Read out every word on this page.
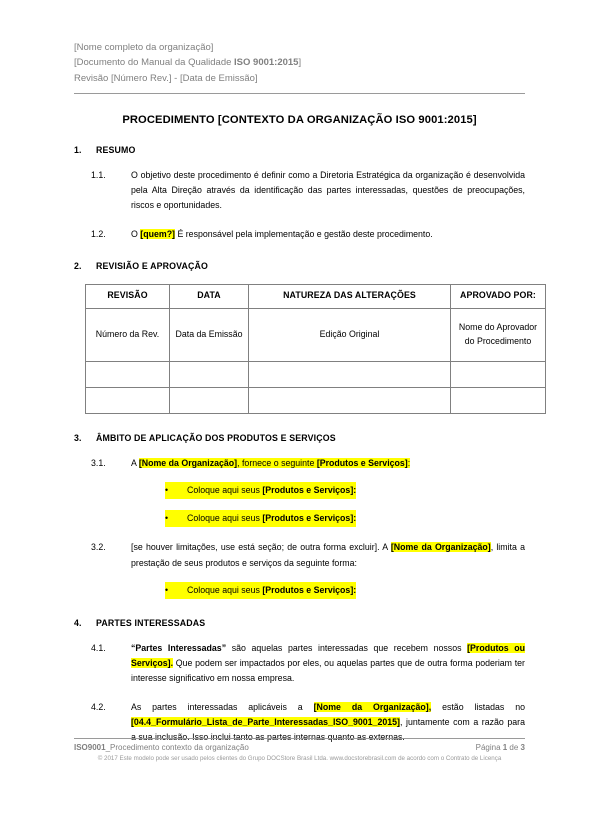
[Nome completo da organização]
[Documento do Manual da Qualidade ISO 9001:2015]
Revisão [Número Rev.] - [Data de Emissão]
PROCEDIMENTO [CONTEXTO DA ORGANIZAÇÃO ISO 9001:2015]
1.	RESUMO
1.1.	O objetivo deste procedimento é definir como a Diretoria Estratégica da organização é desenvolvida pela Alta Direção através da identificação das partes interessadas, questões de preocupações, riscos e oportunidades.
1.2.	O [quem?] É responsável pela implementação e gestão deste procedimento.
2.	REVISIÃO E APROVAÇÃO
REVISÃO	DATA	NATUREZA DAS ALTERAÇÕES	APROVADO POR:
Número da Rev.	Data da Emissão	Edição Original	Nome do Aprovador do Procedimento

3.	ÂMBITO DE APLICAÇÃO DOS PRODUTOS E SERVIÇOS
3.1.	A [Nome da Organização], fornece o seguinte [Produtos e Serviços]:
•	Coloque aqui seus [Produtos e Serviços]:
•	Coloque aqui seus [Produtos e Serviços]:
3.2.	[se houver limitações, use está seção; de outra forma excluir]. A [Nome da Organização], limita a prestação de seus produtos e serviços da seguinte forma:
•	Coloque aqui seus [Produtos e Serviços]:
4.	PARTES INTERESSADAS
4.1.	“Partes Interessadas” são aquelas partes interessadas que recebem nossos [Produtos ou Serviços]. Que podem ser impactados por eles, ou aquelas partes que de outra forma poderiam ter interesse significativo em nossa empresa.
4.2.	As partes interessadas aplicáveis a [Nome da Organização], estão listadas no [04.4_Formulário_Lista_de_Parte_Interessadas_ISO_9001_2015], juntamente com a razão para a sua inclusão. Isso inclui tanto as partes internas quanto as externas.
ISO9001_Procedimento contexto da organização	Página 1 de 3
© 2017 Este modelo pode ser usado pelos clientes do Grupo DOCStore Brasil Ltda. www.docstorebrasil.com de acordo com o Contrato de Licença
